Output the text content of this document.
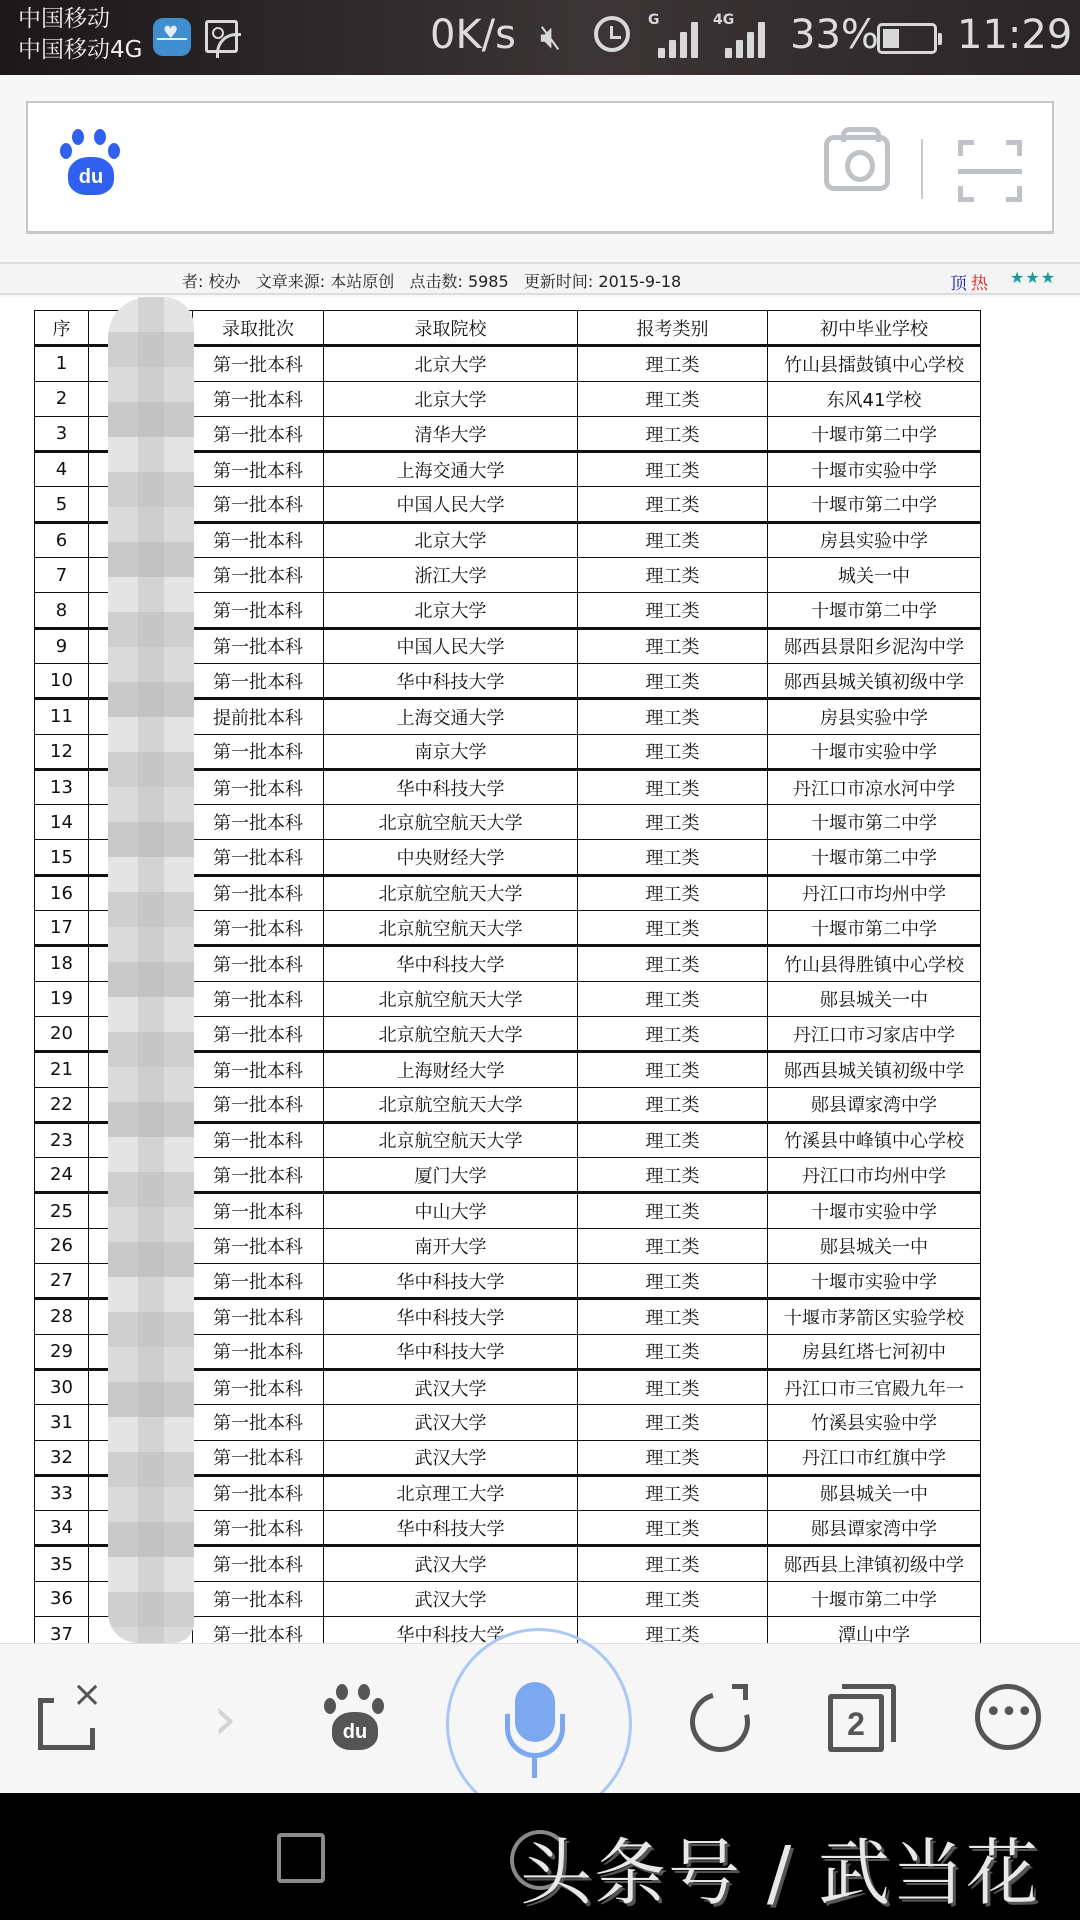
中国移动
中国移动4G
♥	0K/s 🔇︎	G	4G 33% 11:29
du
者: 校办   文章来源: 本站原创   点击数: 5985   更新时间: 2015-9-18	顶 热 ★★★
序		录取批次	录取院校	报考类别	初中毕业学校
1		第一批本科	北京大学	理工类	竹山县擂鼓镇中心学校
2		第一批本科	北京大学	理工类	东风41学校
3		第一批本科	清华大学	理工类	十堰市第二中学
4		第一批本科	上海交通大学	理工类	十堰市实验中学
5		第一批本科	中国人民大学	理工类	十堰市第二中学
6		第一批本科	北京大学	理工类	房县实验中学
7		第一批本科	浙江大学	理工类	城关一中
8		第一批本科	北京大学	理工类	十堰市第二中学
9		第一批本科	中国人民大学	理工类	郧西县景阳乡泥沟中学
10		第一批本科	华中科技大学	理工类	郧西县城关镇初级中学
11		提前批本科	上海交通大学	理工类	房县实验中学
12		第一批本科	南京大学	理工类	十堰市实验中学
13		第一批本科	华中科技大学	理工类	丹江口市凉水河中学
14		第一批本科	北京航空航天大学	理工类	十堰市第二中学
15		第一批本科	中央财经大学	理工类	十堰市第二中学
16		第一批本科	北京航空航天大学	理工类	丹江口市均州中学
17		第一批本科	北京航空航天大学	理工类	十堰市第二中学
18		第一批本科	华中科技大学	理工类	竹山县得胜镇中心学校
19		第一批本科	北京航空航天大学	理工类	郧县城关一中
20		第一批本科	北京航空航天大学	理工类	丹江口市习家店中学
21		第一批本科	上海财经大学	理工类	郧西县城关镇初级中学
22		第一批本科	北京航空航天大学	理工类	郧县谭家湾中学
23		第一批本科	北京航空航天大学	理工类	竹溪县中峰镇中心学校
24		第一批本科	厦门大学	理工类	丹江口市均州中学
25		第一批本科	中山大学	理工类	十堰市实验中学
26		第一批本科	南开大学	理工类	郧县城关一中
27		第一批本科	华中科技大学	理工类	十堰市实验中学
28		第一批本科	华中科技大学	理工类	十堰市茅箭区实验学校
29		第一批本科	华中科技大学	理工类	房县红塔七河初中
30		第一批本科	武汉大学	理工类	丹江口市三官殿九年一
31		第一批本科	武汉大学	理工类	竹溪县实验中学
32		第一批本科	武汉大学	理工类	丹江口市红旗中学
33		第一批本科	北京理工大学	理工类	郧县城关一中
34		第一批本科	华中科技大学	理工类	郧县谭家湾中学
35		第一批本科	武汉大学	理工类	郧西县上津镇初级中学
36		第一批本科	武汉大学	理工类	十堰市第二中学
37		第一批本科	华中科技大学	理工类	潭山中学
×	›	du	2	•••
头条号 / 武当花
